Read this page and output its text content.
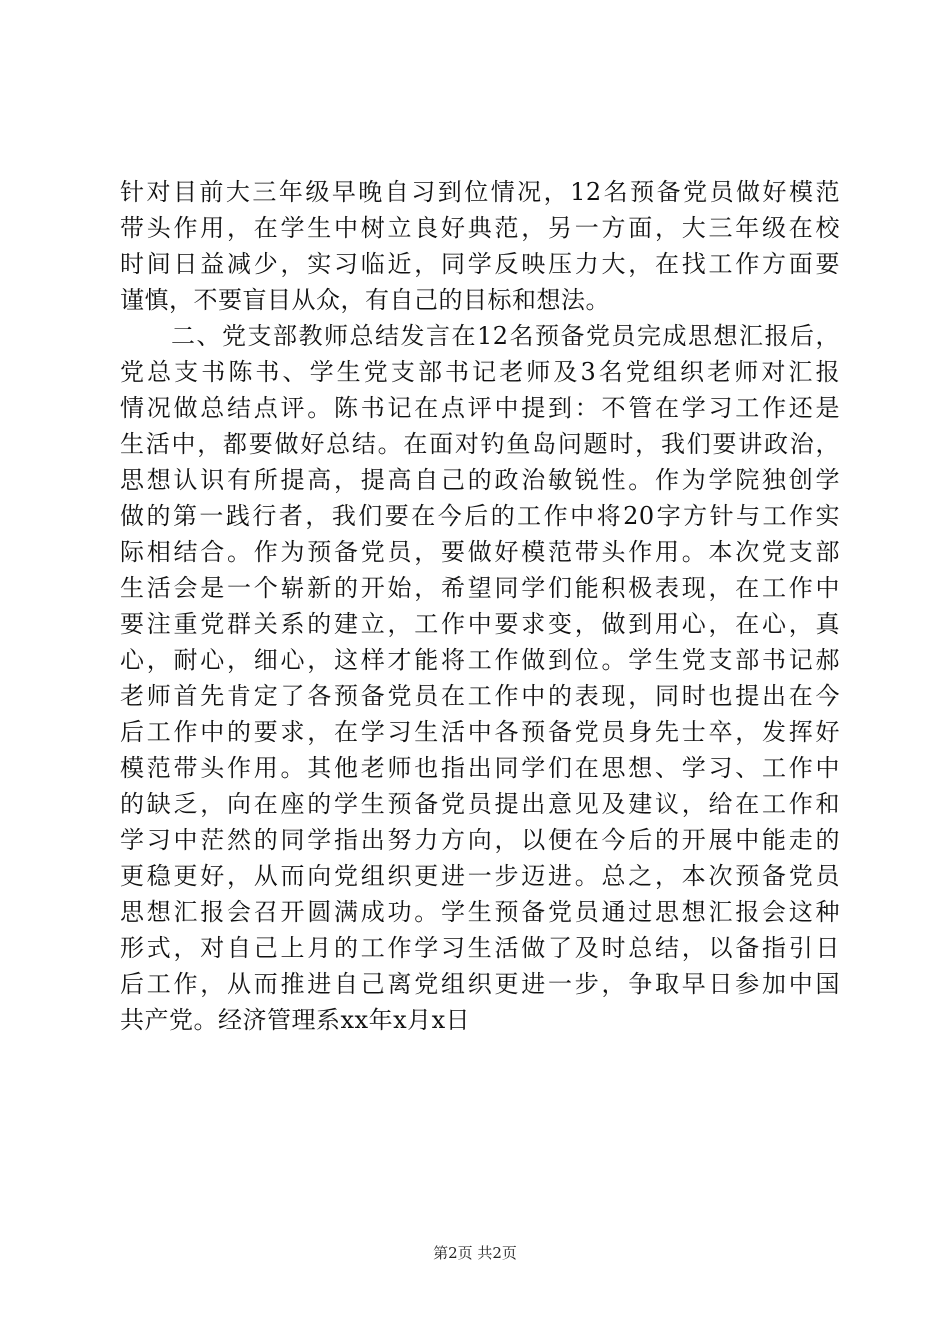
针对目前大三年级早晚自习到位情况，12名预备党员做好模范
带头作用，在学生中树立良好典范，另一方面，大三年级在校
时间日益减少，实习临近，同学反映压力大，在找工作方面要
谨慎，不要盲目从众，有自己的目标和想法。
　　二、党支部教师总结发言在12名预备党员完成思想汇报后，
党总支书陈书、学生党支部书记老师及3名党组织老师对汇报
情况做总结点评。陈书记在点评中提到：不管在学习工作还是
生活中，都要做好总结。在面对钓鱼岛问题时，我们要讲政治，
思想认识有所提高，提高自己的政治敏锐性。作为学院独创学
做的第一践行者，我们要在今后的工作中将20字方针与工作实
际相结合。作为预备党员，要做好模范带头作用。本次党支部
生活会是一个崭新的开始，希望同学们能积极表现，在工作中
要注重党群关系的建立，工作中要求变，做到用心，在心，真
心，耐心，细心，这样才能将工作做到位。学生党支部书记郝
老师首先肯定了各预备党员在工作中的表现，同时也提出在今
后工作中的要求，在学习生活中各预备党员身先士卒，发挥好
模范带头作用。其他老师也指出同学们在思想、学习、工作中
的缺乏，向在座的学生预备党员提出意见及建议，给在工作和
学习中茫然的同学指出努力方向，以便在今后的开展中能走的
更稳更好，从而向党组织更进一步迈进。总之，本次预备党员
思想汇报会召开圆满成功。学生预备党员通过思想汇报会这种
形式，对自己上月的工作学习生活做了及时总结，以备指引日
后工作，从而推进自己离党组织更进一步，争取早日参加中国
共产党。经济管理系xx年x月x日
第2页 共2页
